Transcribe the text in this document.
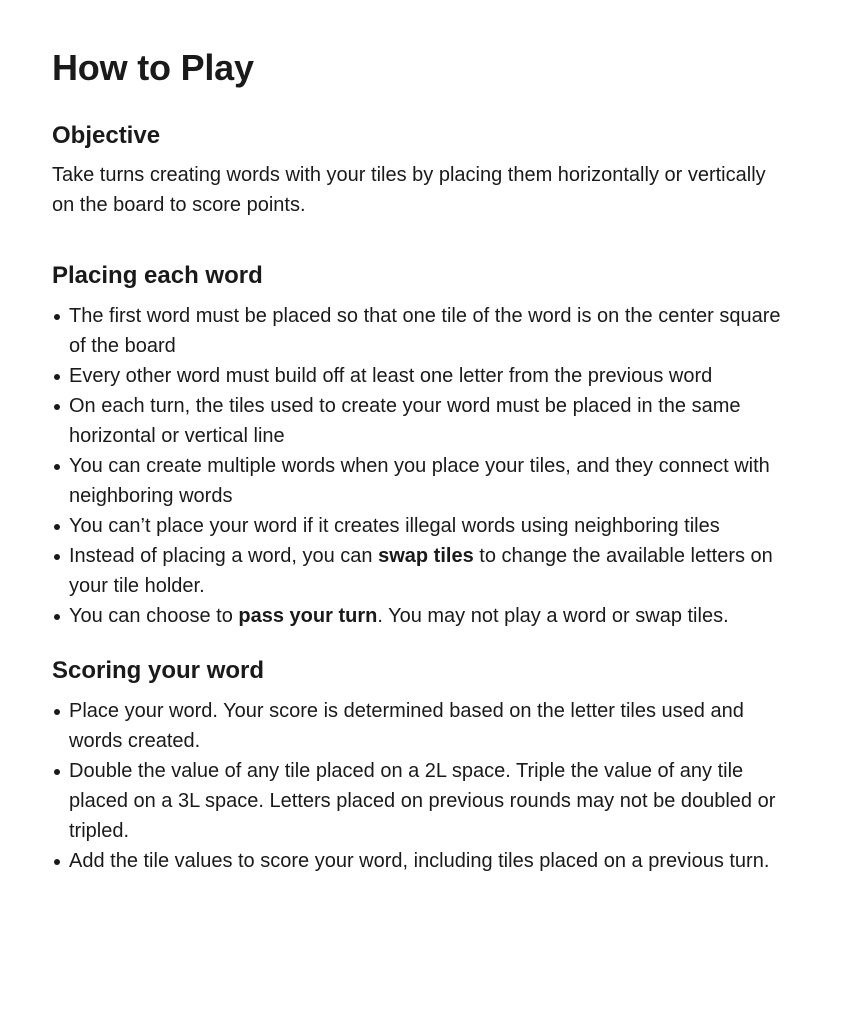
How to Play
Objective

Take turns creating words with your tiles by placing them horizontally or vertically on the board to score points.

Placing each word
The first word must be placed so that one tile of the word is on the center square of the board
Every other word must build off at least one letter from the previous word
On each turn, the tiles used to create your word must be placed in the same horizontal or vertical line
You can create multiple words when you place your tiles, and they connect with neighboring words
You can’t place your word if it creates illegal words using neighboring tiles
Instead of placing a word, you can swap tiles to change the available letters on your tile holder.
You can choose to pass your turn. You may not play a word or swap tiles.
Scoring your word
Place your word. Your score is determined based on the letter tiles used and words created.
Double the value of any tile placed on a 2L space. Triple the value of any tile placed on a 3L space. Letters placed on previous rounds may not be doubled or tripled.
Add the tile values to score your word, including tiles placed on a previous turn.
